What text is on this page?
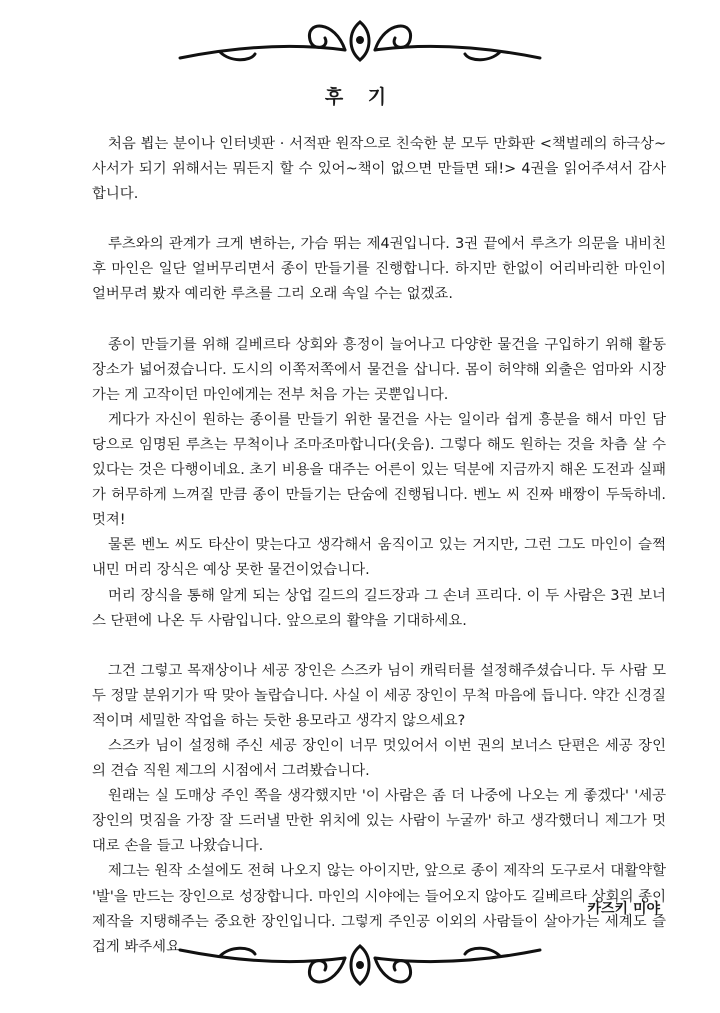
후 기

처음 뵙는 분이나 인터넷판 · 서적판 원작으로 친숙한 분 모두 만화판 <책벌레의 하극상~사서가 되기 위해서는 뭐든지 할 수 있어~책이 없으면 만들면 돼!> 4권을 읽어주셔서 감사합니다.

루츠와의 관계가 크게 변하는, 가슴 뛰는 제4권입니다. 3권 끝에서 루츠가 의문을 내비친 후 마인은 일단 얼버무리면서 종이 만들기를 진행합니다. 하지만 한없이 어리바리한 마인이 얼버무려 봤자 예리한 루츠를 그리 오래 속일 수는 없겠죠.

종이 만들기를 위해 길베르타 상회와 흥정이 늘어나고 다양한 물건을 구입하기 위해 활동 장소가 넓어졌습니다. 도시의 이쪽저쪽에서 물건을 삽니다. 몸이 허약해 외출은 엄마와 시장 가는 게 고작이던 마인에게는 전부 처음 가는 곳뿐입니다.

게다가 자신이 원하는 종이를 만들기 위한 물건을 사는 일이라 쉽게 흥분을 해서 마인 담당으로 임명된 루츠는 무척이나 조마조마합니다(웃음). 그렇다 해도 원하는 것을 차츰 살 수 있다는 것은 다행이네요. 초기 비용을 대주는 어른이 있는 덕분에 지금까지 해온 도전과 실패가 허무하게 느껴질 만큼 종이 만들기는 단숨에 진행됩니다. 벤노 씨 진짜 배짱이 두둑하네. 멋져!

물론 벤노 씨도 타산이 맞는다고 생각해서 움직이고 있는 거지만, 그런 그도 마인이 슬쩍 내민 머리 장식은 예상 못한 물건이었습니다.

머리 장식을 통해 알게 되는 상업 길드의 길드장과 그 손녀 프리다. 이 두 사람은 3권 보너스 단편에 나온 두 사람입니다. 앞으로의 활약을 기대하세요.

그건 그렇고 목재상이나 세공 장인은 스즈카 님이 캐릭터를 설정해주셨습니다. 두 사람 모두 정말 분위기가 딱 맞아 놀랍습니다. 사실 이 세공 장인이 무척 마음에 듭니다. 약간 신경질적이며 세밀한 작업을 하는 듯한 용모라고 생각지 않으세요?

스즈카 님이 설정해 주신 세공 장인이 너무 멋있어서 이번 권의 보너스 단편은 세공 장인의 견습 직원 제그의 시점에서 그려봤습니다.

원래는 실 도매상 주인 쪽을 생각했지만 '이 사람은 좀 더 나중에 나오는 게 좋겠다' '세공 장인의 멋짐을 가장 잘 드러낼 만한 위치에 있는 사람이 누굴까' 하고 생각했더니 제그가 멋대로 손을 들고 나왔습니다.

제그는 원작 소설에도 전혀 나오지 않는 아이지만, 앞으로 종이 제작의 도구로서 대활약할 '발'을 만드는 장인으로 성장합니다. 마인의 시야에는 들어오지 않아도 길베르타 상회의 종이 제작을 지탱해주는 중요한 장인입니다. 그렇게 주인공 이외의 사람들이 살아가는 세계도 즐겁게 봐주세요.

카즈키 미야
